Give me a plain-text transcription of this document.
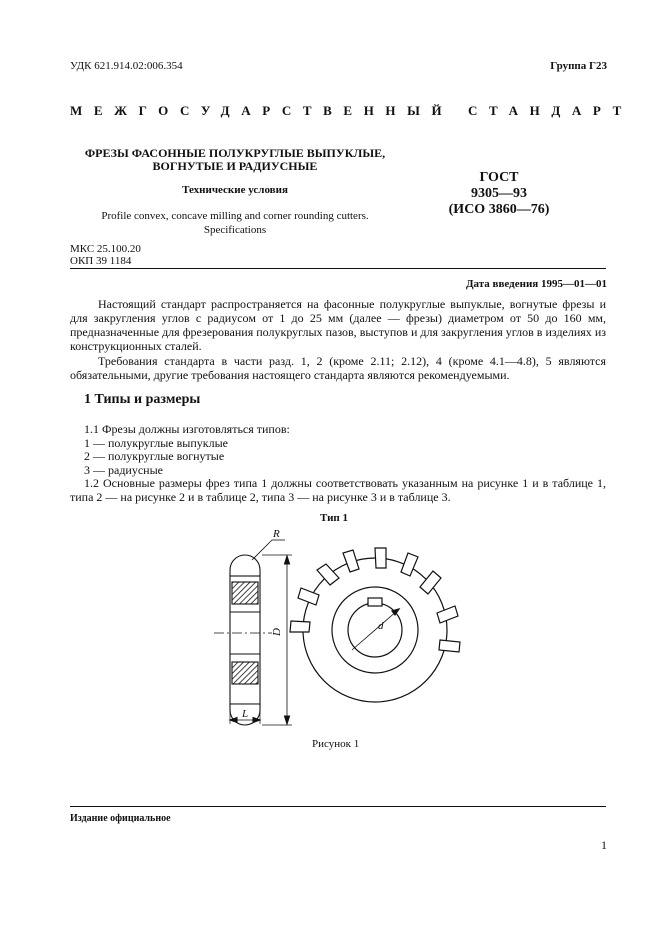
УДК 621.914.02:006.354	Группа Г23
МЕЖГОСУДАРСТВЕННЫЙ СТАНДАРТ
ФРЕЗЫ ФАСОННЫЕ ПОЛУКРУГЛЫЕ ВЫПУКЛЫЕ,
ВОГНУТЫЕ И РАДИУСНЫЕ
Технические условия
Profile convex, concave milling and corner rounding cutters.
Specifications
ГОСТ
9305—93
(ИСО 3860—76)
МКС 25.100.20
ОКП 39 1184
Дата введения 1995—01—01
Настоящий стандарт распространяется на фасонные полукруглые выпуклые, вогнутые фрезы и для закругления углов с радиусом от 1 до 25 мм (далее — фрезы) диаметром от 50 до 160 мм, предназначенные для фрезерования полукруглых пазов, выступов и для закругления углов в изделиях из конструкционных сталей.
Требования стандарта в части разд. 1, 2 (кроме 2.11; 2.12), 4 (кроме 4.1—4.8), 5 являются обязательными, другие требования настоящего стандарта являются рекомендуемыми.
1 Типы и размеры
1.1 Фрезы должны изготовляться типов:
1 — полукруглые выпуклые
2 — полукруглые вогнутые
3 — радиусные
1.2 Основные размеры фрез типа 1 должны соответствовать указанным на рисунке 1 и в таблице 1, типа 2 — на рисунке 2 и в таблице 2, типа 3 — на рисунке 3 и в таблице 3.
Тип 1
R
D
L
d
Рисунок 1
Издание официальное
1
